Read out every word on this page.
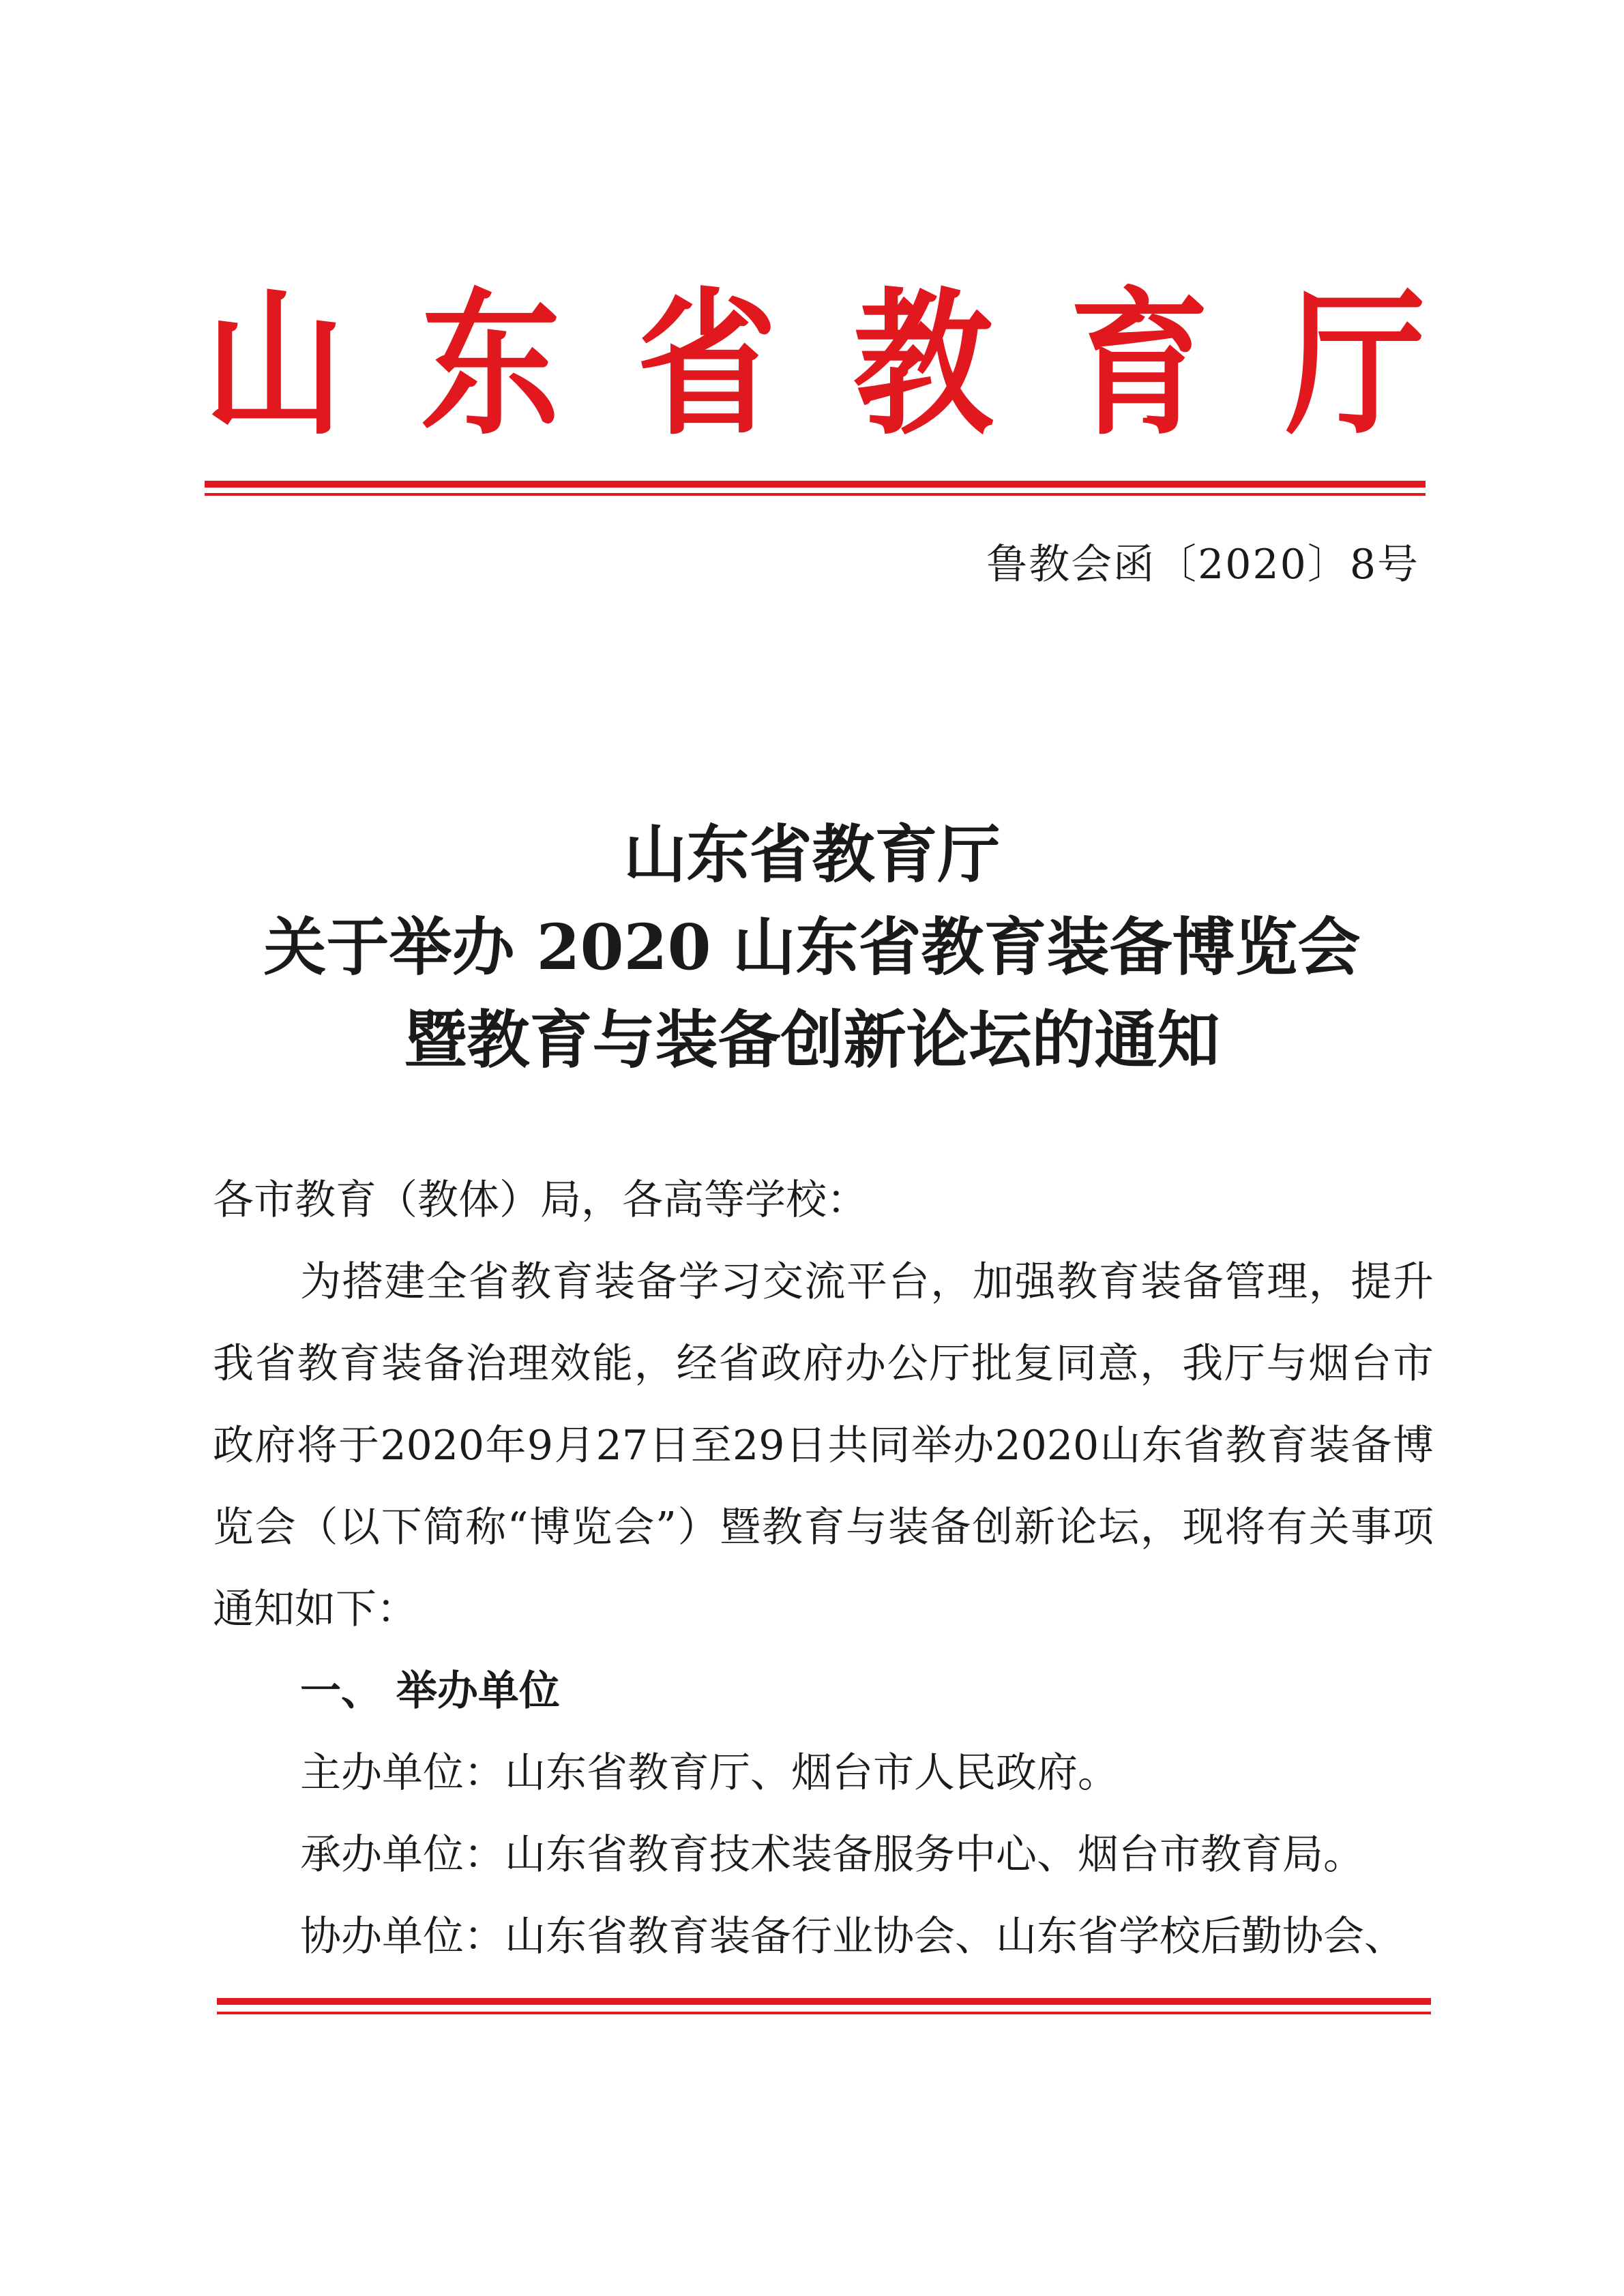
山 东 省 教 育 厅
鲁教会函〔2020〕8号
山东省教育厅
关于举办 2020 山东省教育装备博览会
暨教育与装备创新论坛的通知

各市教育（教体）局，各高等学校：

为搭建全省教育装备学习交流平台，加强教育装备管理，提升我省教育装备治理效能，经省政府办公厅批复同意，我厅与烟台市政府将于2020年9月27日至29日共同举办2020山东省教育装备博览会（以下简称“博览会”）暨教育与装备创新论坛，现将有关事项通知如下：

一、 举办单位

主办单位：山东省教育厅、烟台市人民政府。

承办单位：山东省教育技术装备服务中心、烟台市教育局。

协办单位：山东省教育装备行业协会、山东省学校后勤协会、
